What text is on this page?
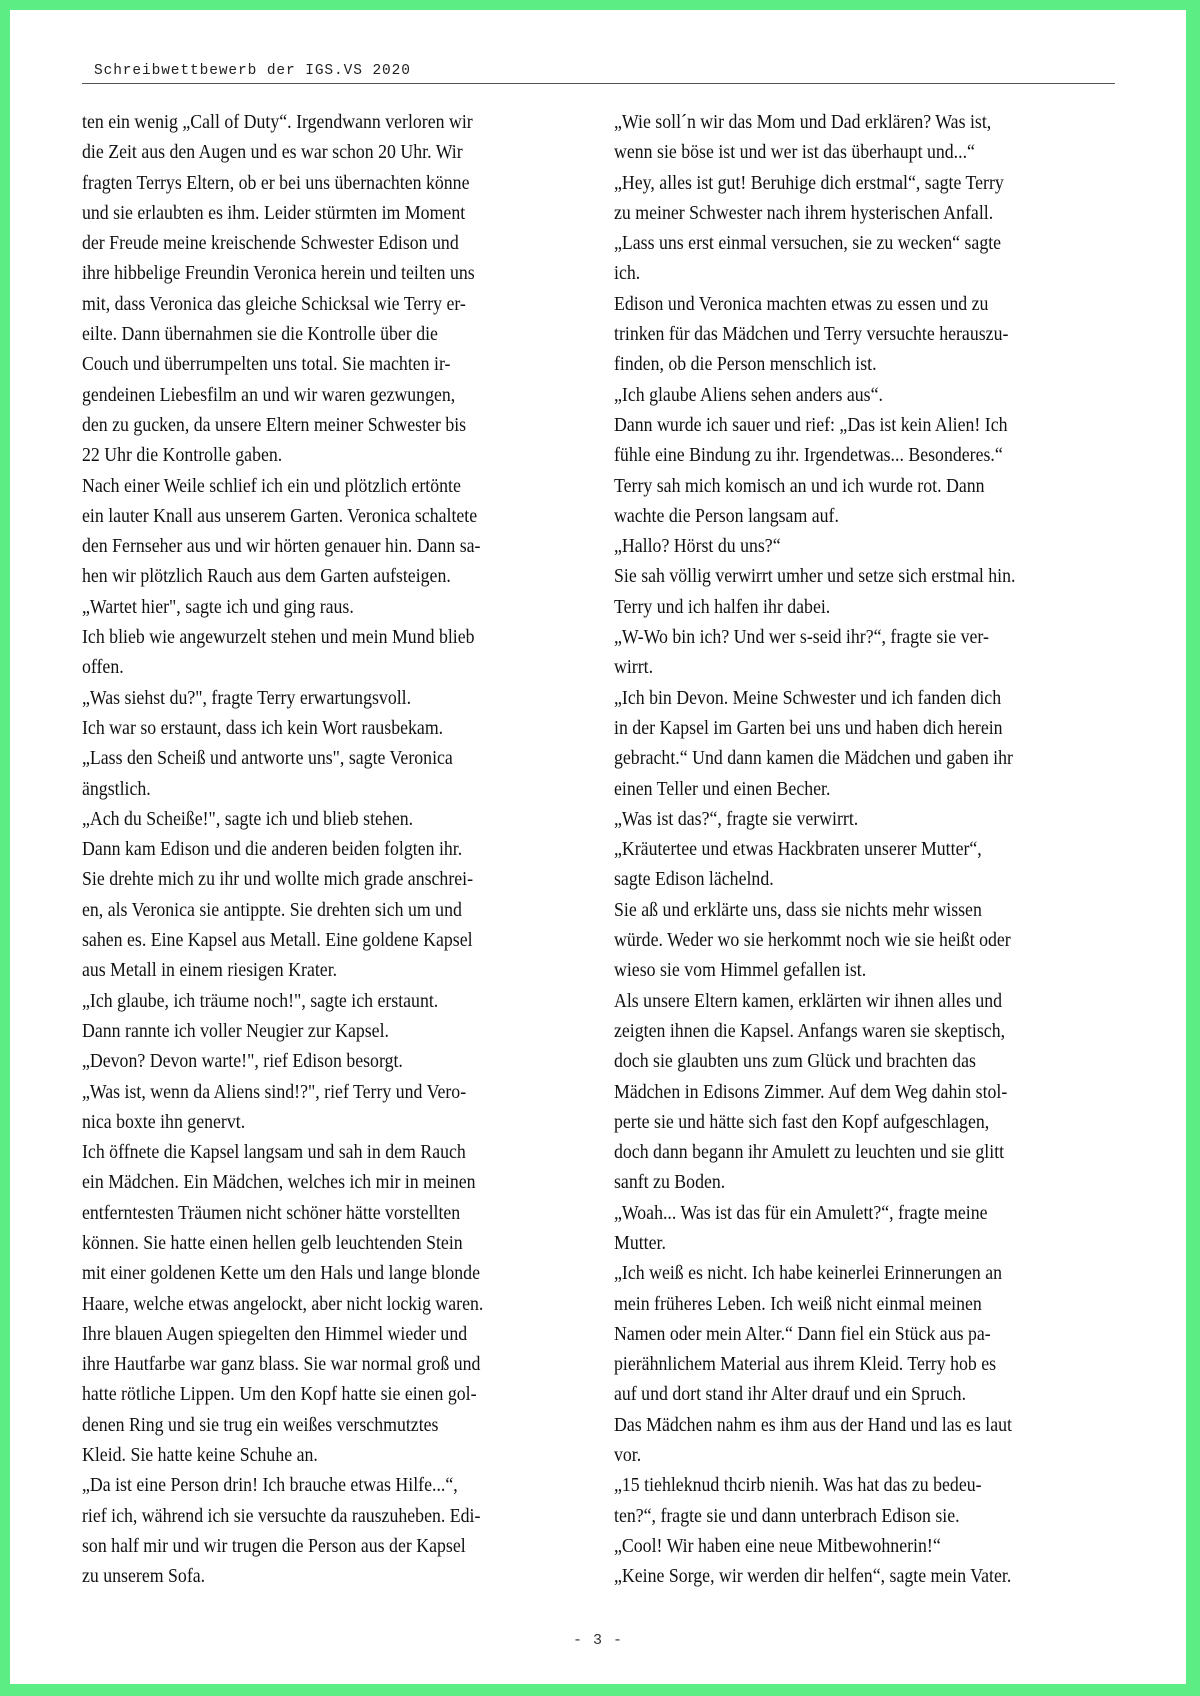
Schreibwettbewerb der IGS.VS 2020
ten ein wenig „Call of Duty“. Irgendwann verloren wir
die Zeit aus den Augen und es war schon 20 Uhr. Wir
fragten Terrys Eltern, ob er bei uns übernachten könne
und sie erlaubten es ihm. Leider stürmten im Moment
der Freude meine kreischende Schwester Edison und
ihre hibbelige Freundin Veronica herein und teilten uns
mit, dass Veronica das gleiche Schicksal wie Terry er-
eilte. Dann übernahmen sie die Kontrolle über die
Couch und überrumpelten uns total. Sie machten ir-
gendeinen Liebesfilm an und wir waren gezwungen,
den zu gucken, da unsere Eltern meiner Schwester bis
22 Uhr die Kontrolle gaben.
Nach einer Weile schlief ich ein und plötzlich ertönte
ein lauter Knall aus unserem Garten. Veronica schaltete
den Fernseher aus und wir hörten genauer hin. Dann sa-
hen wir plötzlich Rauch aus dem Garten aufsteigen.
„Wartet hier", sagte ich und ging raus.
Ich blieb wie angewurzelt stehen und mein Mund blieb
offen.
„Was siehst du?", fragte Terry erwartungsvoll.
Ich war so erstaunt, dass ich kein Wort rausbekam.
„Lass den Scheiß und antworte uns", sagte Veronica
ängstlich.
„Ach du Scheiße!", sagte ich und blieb stehen.
Dann kam Edison und die anderen beiden folgten ihr.
Sie drehte mich zu ihr und wollte mich grade anschrei-
en, als Veronica sie antippte. Sie drehten sich um und
sahen es. Eine Kapsel aus Metall. Eine goldene Kapsel
aus Metall in einem riesigen Krater.
„Ich glaube, ich träume noch!", sagte ich erstaunt.
Dann rannte ich voller Neugier zur Kapsel.
„Devon? Devon warte!", rief Edison besorgt.
„Was ist, wenn da Aliens sind!?", rief Terry und Vero-
nica boxte ihn genervt.
Ich öffnete die Kapsel langsam und sah in dem Rauch
ein Mädchen. Ein Mädchen, welches ich mir in meinen
entferntesten Träumen nicht schöner hätte vorstellten
können. Sie hatte einen hellen gelb leuchtenden Stein
mit einer goldenen Kette um den Hals und lange blonde
Haare, welche etwas angelockt, aber nicht lockig waren.
Ihre blauen Augen spiegelten den Himmel wieder und
ihre Hautfarbe war ganz blass. Sie war normal groß und
hatte rötliche Lippen. Um den Kopf hatte sie einen gol-
denen Ring und sie trug ein weißes verschmutztes
Kleid. Sie hatte keine Schuhe an.
„Da ist eine Person drin! Ich brauche etwas Hilfe...“,
rief ich, während ich sie versuchte da rauszuheben. Edi-
son half mir und wir trugen die Person aus der Kapsel
zu unserem Sofa.
„Wie soll´n wir das Mom und Dad erklären? Was ist,
wenn sie böse ist und wer ist das überhaupt und...“
„Hey, alles ist gut! Beruhige dich erstmal“, sagte Terry
zu meiner Schwester nach ihrem hysterischen Anfall.
„Lass uns erst einmal versuchen, sie zu wecken“ sagte
ich.
Edison und Veronica machten etwas zu essen und zu
trinken für das Mädchen und Terry versuchte herauszu-
finden, ob die Person menschlich ist.
„Ich glaube Aliens sehen anders aus“.
Dann wurde ich sauer und rief: „Das ist kein Alien! Ich
fühle eine Bindung zu ihr. Irgendetwas... Besonderes.“
Terry sah mich komisch an und ich wurde rot. Dann
wachte die Person langsam auf.
„Hallo? Hörst du uns?“
Sie sah völlig verwirrt umher und setze sich erstmal hin.
Terry und ich halfen ihr dabei.
„W-Wo bin ich? Und wer s-seid ihr?“, fragte sie ver-
wirrt.
„Ich bin Devon. Meine Schwester und ich fanden dich
in der Kapsel im Garten bei uns und haben dich herein
gebracht.“ Und dann kamen die Mädchen und gaben ihr
einen Teller und einen Becher.
„Was ist das?“, fragte sie verwirrt.
„Kräutertee und etwas Hackbraten unserer Mutter“,
sagte Edison lächelnd.
Sie aß und erklärte uns, dass sie nichts mehr wissen
würde. Weder wo sie herkommt noch wie sie heißt oder
wieso sie vom Himmel gefallen ist.
Als unsere Eltern kamen, erklärten wir ihnen alles und
zeigten ihnen die Kapsel. Anfangs waren sie skeptisch,
doch sie glaubten uns zum Glück und brachten das
Mädchen in Edisons Zimmer. Auf dem Weg dahin stol-
perte sie und hätte sich fast den Kopf aufgeschlagen,
doch dann begann ihr Amulett zu leuchten und sie glitt
sanft zu Boden.
„Woah... Was ist das für ein Amulett?“, fragte meine
Mutter.
„Ich weiß es nicht. Ich habe keinerlei Erinnerungen an
mein früheres Leben. Ich weiß nicht einmal meinen
Namen oder mein Alter.“ Dann fiel ein Stück aus pa-
pierähnlichem Material aus ihrem Kleid. Terry hob es
auf und dort stand ihr Alter drauf und ein Spruch.
Das Mädchen nahm es ihm aus der Hand und las es laut
vor.
„15 tiehleknud thcirb nienih. Was hat das zu bedeu-
ten?“, fragte sie und dann unterbrach Edison sie.
„Cool! Wir haben eine neue Mitbewohnerin!“
„Keine Sorge, wir werden dir helfen“, sagte mein Vater.
- 3 -
